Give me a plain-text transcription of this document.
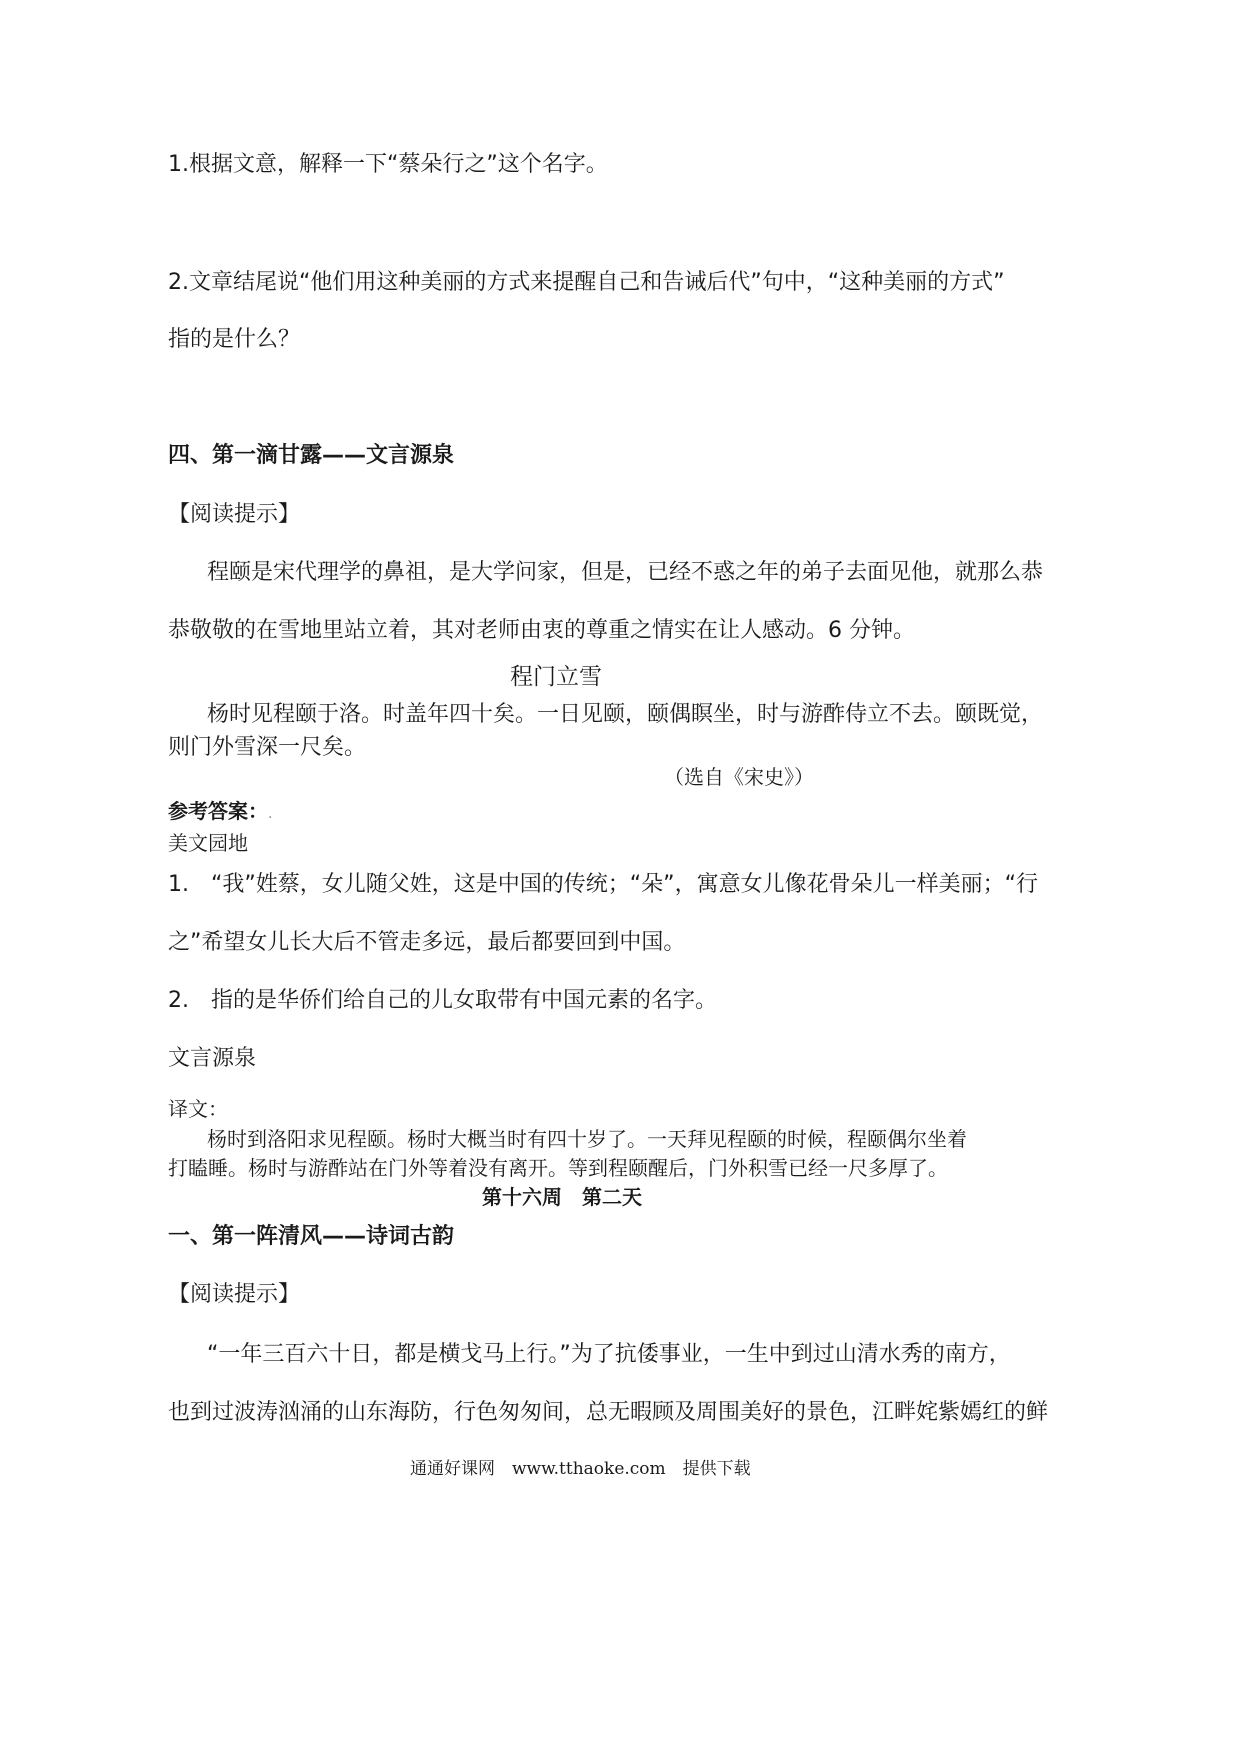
1.根据文意，解释一下“蔡朵行之”这个名字。
2.文章结尾说“他们用这种美丽的方式来提醒自己和告诫后代”句中，“这种美丽的方式”
指的是什么？
四、第一滴甘露——文言源泉
【阅读提示】
程颐是宋代理学的鼻祖，是大学问家，但是，已经不惑之年的弟子去面见他，就那么恭
恭敬敬的在雪地里站立着，其对老师由衷的尊重之情实在让人感动。6 分钟。
程门立雪
杨时见程颐于洛。时盖年四十矣。一日见颐，颐偶瞑坐，时与游酢侍立不去。颐既觉，
则门外雪深一尺矣。
（选自《宋史》）
参考答案：.
美文园地
1.　“我”姓蔡，女儿随父姓，这是中国的传统；“朵”，寓意女儿像花骨朵儿一样美丽；“行
之”希望女儿长大后不管走多远，最后都要回到中国。
2.　指的是华侨们给自己的儿女取带有中国元素的名字。
文言源泉
译文：
杨时到洛阳求见程颐。杨时大概当时有四十岁了。一天拜见程颐的时候，程颐偶尔坐着
打瞌睡。杨时与游酢站在门外等着没有离开。等到程颐醒后，门外积雪已经一尺多厚了。
第十六周　第二天
一、第一阵清风——诗词古韵
【阅读提示】
“一年三百六十日，都是横戈马上行。”为了抗倭事业，一生中到过山清水秀的南方，
也到过波涛汹涌的山东海防，行色匆匆间，总无暇顾及周围美好的景色，江畔姹紫嫣红的鲜
通通好课网　www.tthaoke.com　提供下载
